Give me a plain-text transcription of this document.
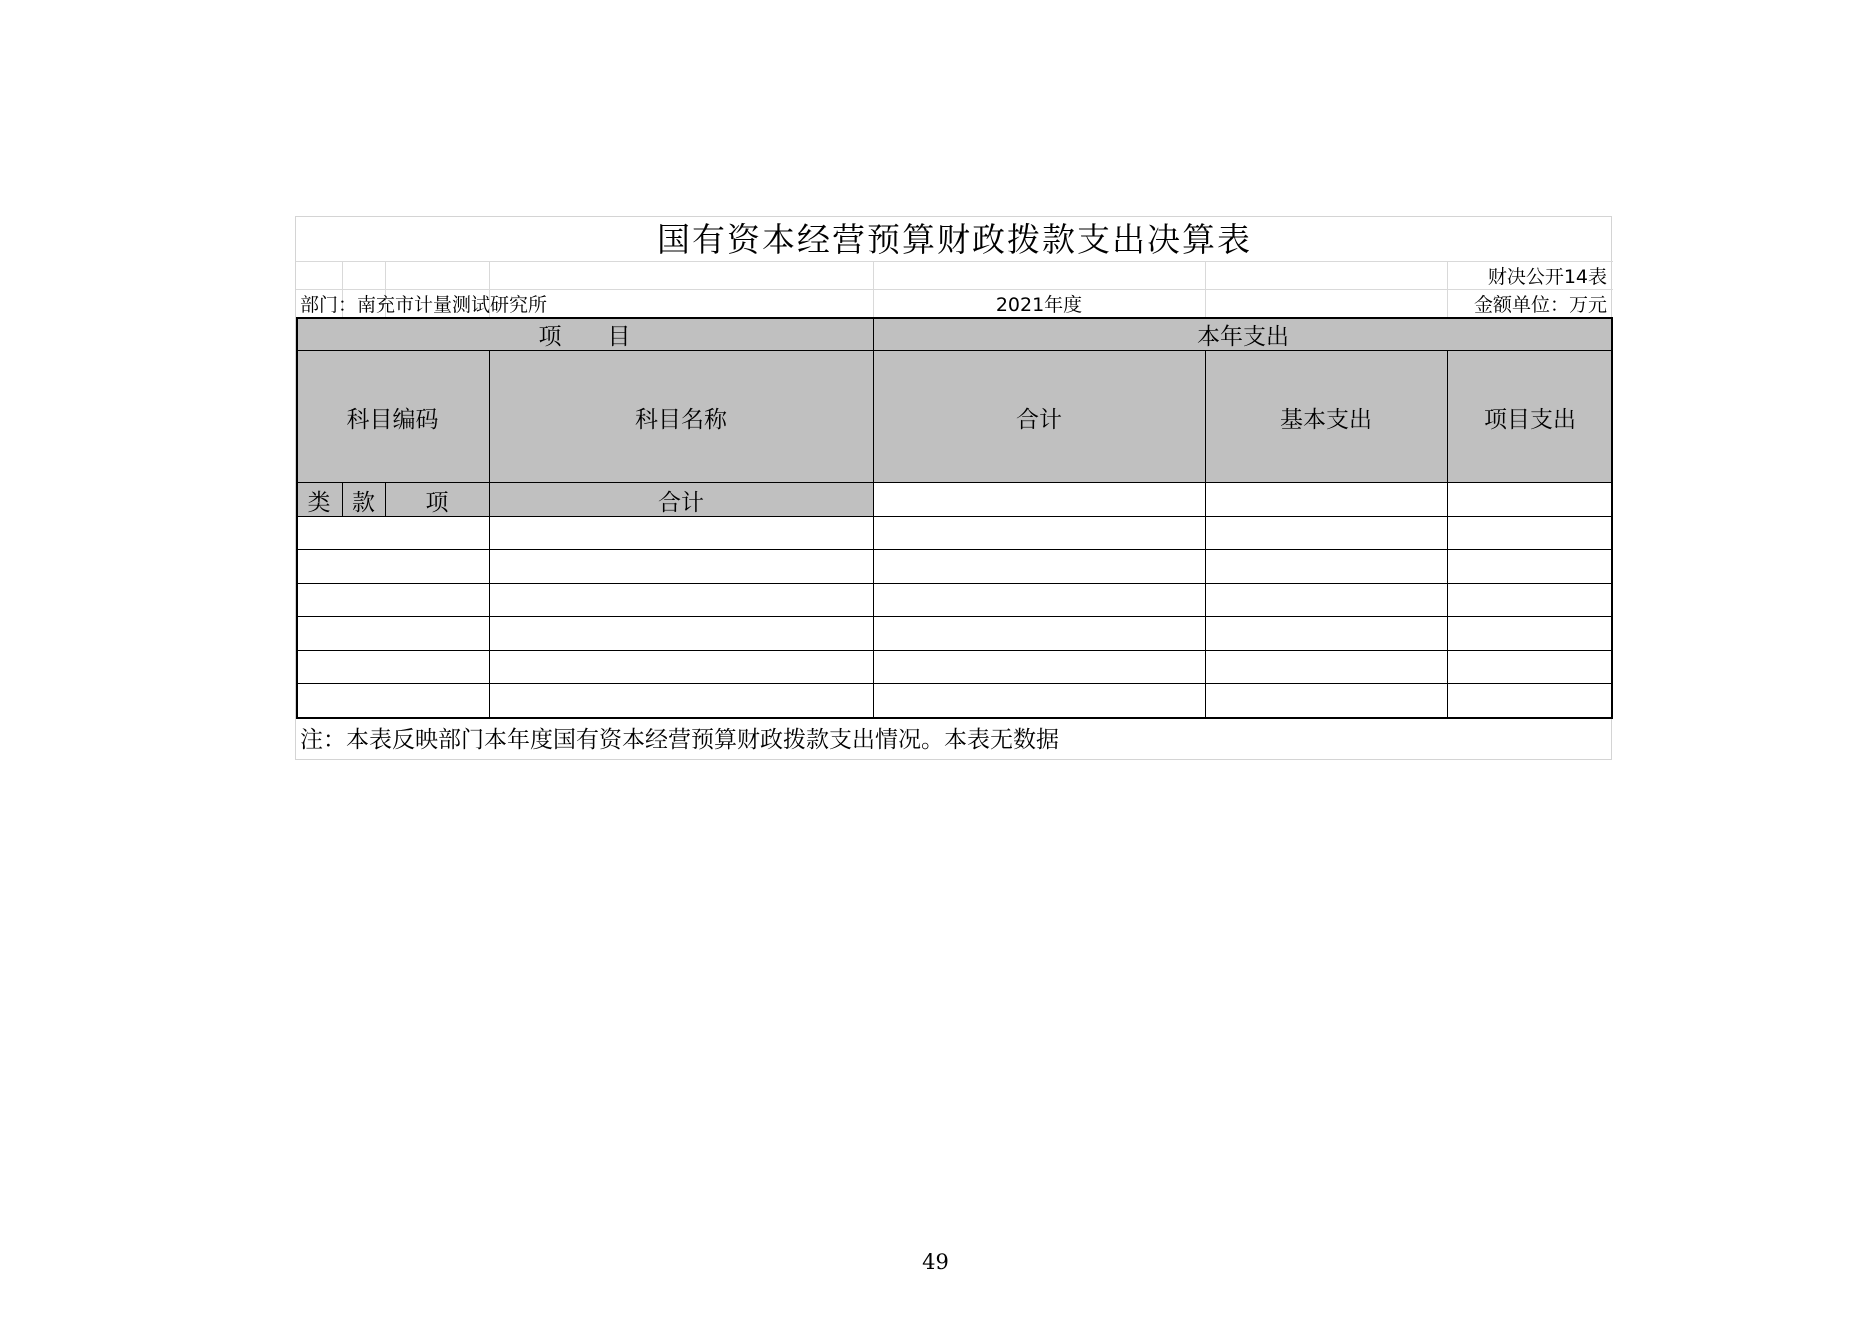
国有资本经营预算财政拨款支出决算表
财决公开14表
部门：南充市计量测试研究所	2021年度	金额单位：万元
项　　目	本年支出
科目编码	科目名称	合计	基本支出	项目支出
类 款	项	合计
注：本表反映部门本年度国有资本经营预算财政拨款支出情况。本表无数据
49
